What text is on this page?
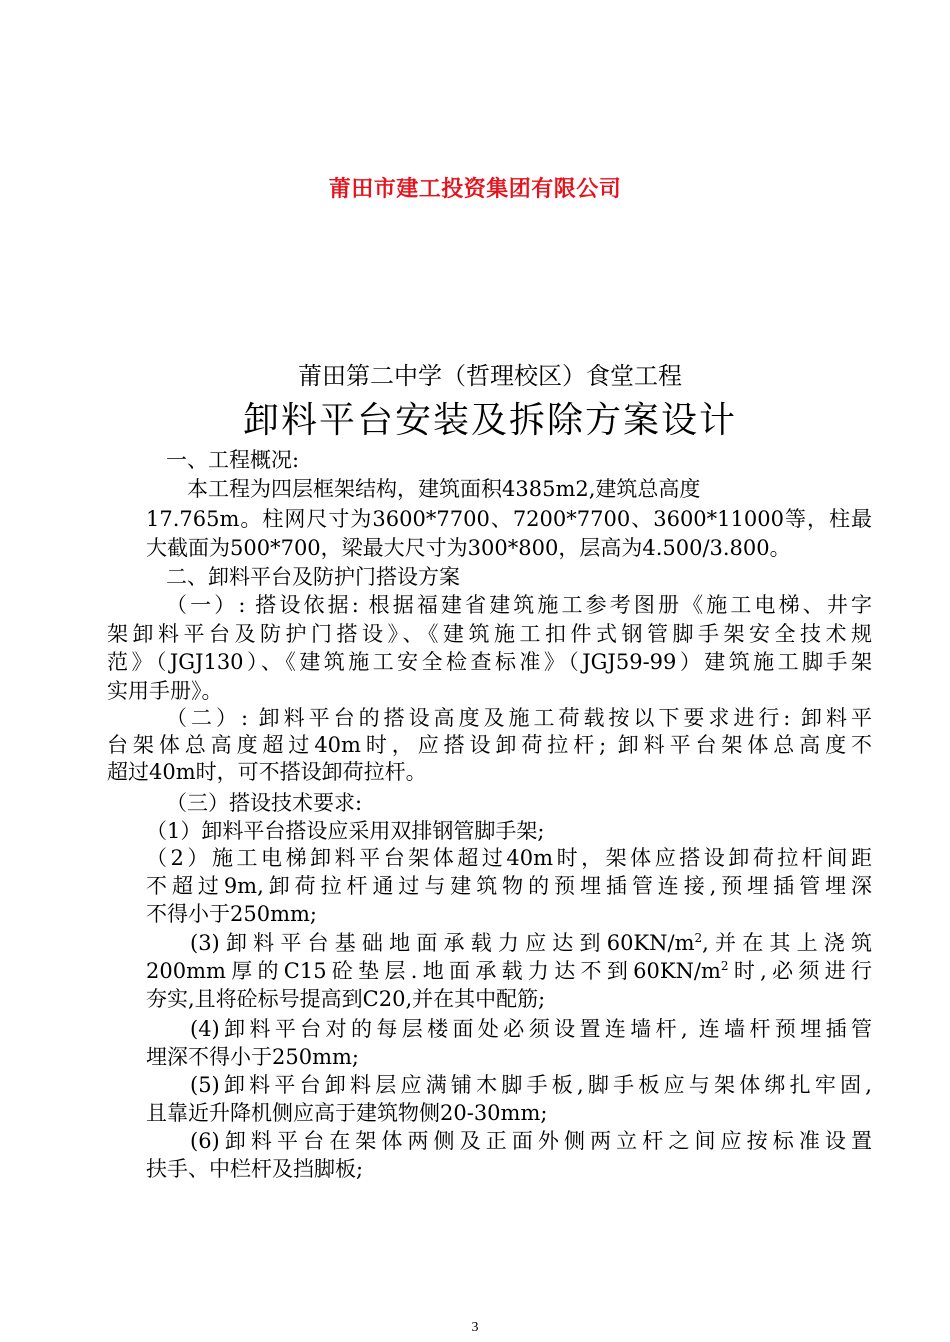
莆田市建工投资集团有限公司
莆田第二中学（哲理校区）食堂工程
卸料平台安装及拆除方案设计
一、工程概况:
本工程为四层框架结构，建筑面积4385m2,建筑总高度
17.765m。柱网尺寸为3600*7700、7200*7700、3600*11000等，柱最
大截面为500*700，梁最大尺寸为300*800，层高为4.500/3.800。
二、卸料平台及防护门搭设方案
（一）: 搭设依据: 根据福建省建筑施工参考图册《施工电梯、井字
架卸料平台及防护门搭设》、《建筑施工扣件式钢管脚手架安全技术规
范》（JGJ130）、《建筑施工安全检查标准》（JGJ59-99）建筑施工脚手架
实用手册》。
（二）: 卸料平台的搭设高度及施工荷载按以下要求进行: 卸料平
台架体总高度超过40m时，应搭设卸荷拉杆; 卸料平台架体总高度不
超过40m时，可不搭设卸荷拉杆。
（三）搭设技术要求:
（1）卸料平台搭设应采用双排钢管脚手架;
（2）施工电梯卸料平台架体超过40m时，架体应搭设卸荷拉杆间距
不超过9m,卸荷拉杆通过与建筑物的预埋插管连接,预埋插管埋深
不得小于250mm;
(3)卸料平台基础地面承载力应达到$60KN/m^2$,并在其上浇筑
200mm厚的C15砼垫层.地面承载力达不到$60KN/m^2$时,必须进行
夯实,且将砼标号提高到C20,并在其中配筋;
(4)卸料平台对的每层楼面处必须设置连墙杆, 连墙杆预埋插管
埋深不得小于250mm;
(5)卸料平台卸料层应满铺木脚手板,脚手板应与架体绑扎牢固,
且靠近升降机侧应高于建筑物侧20-30mm;
(6)卸料平台在架体两侧及正面外侧两立杆之间应按标准设置
扶手、中栏杆及挡脚板;
3
